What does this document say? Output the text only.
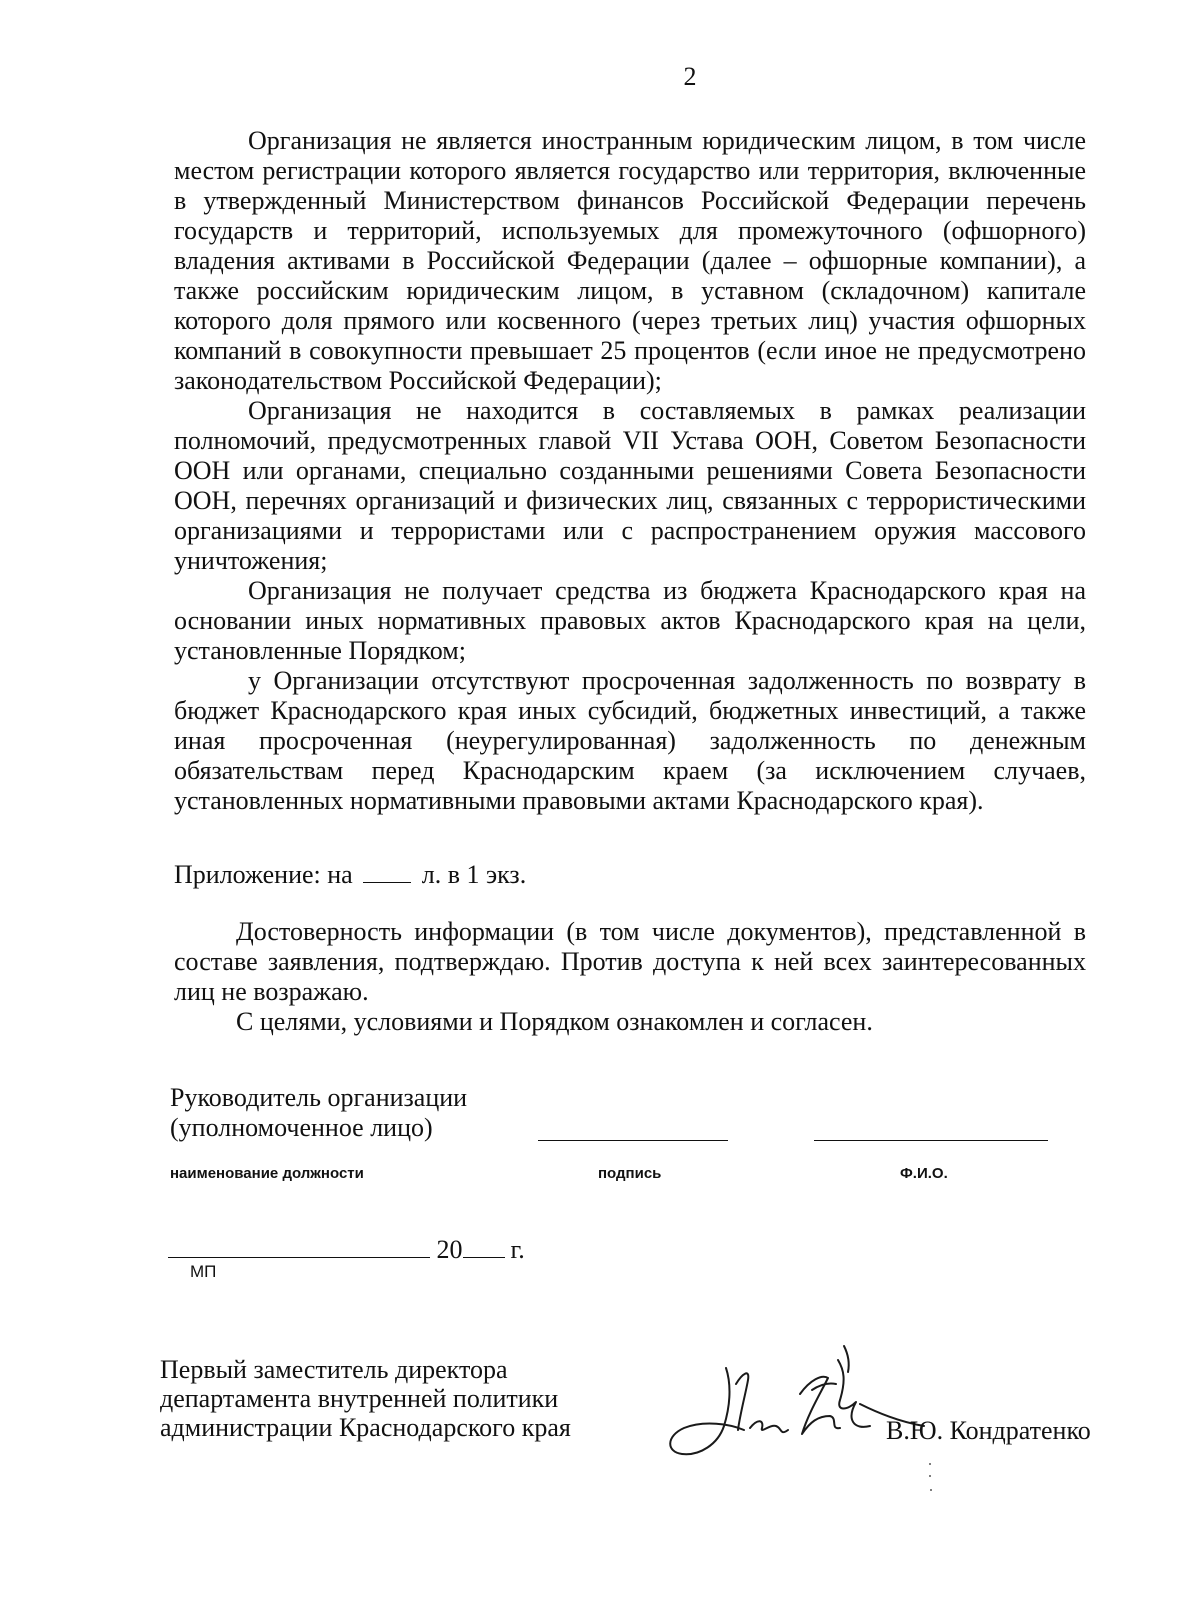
2

Организация не является иностранным юридическим лицом, в том числе местом регистрации которого является государство или территория, включенные в утвержденный Министерством финансов Российской Федерации перечень государств и территорий, используемых для промежуточного (офшорного) владения активами в Российской Федерации (далее – офшорные компании), а также российским юридическим лицом, в уставном (складочном) капитале которого доля прямого или косвенного (через третьих лиц) участия офшорных компаний в совокупности превышает 25 процентов (если иное не предусмотрено законодательством Российской Федерации);

Организация не находится в составляемых в рамках реализации полномочий, предусмотренных главой VII Устава ООН, Советом Безопасности ООН или органами, специально созданными решениями Совета Безопасности ООН, перечнях организаций и физических лиц, связанных с террористическими организациями и террористами или с распространением оружия массового уничтожения;

Организация не получает средства из бюджета Краснодарского края на основании иных нормативных правовых актов Краснодарского края на цели, установленные Порядком;

у Организации отсутствуют просроченная задолженность по возврату в бюджет Краснодарского края иных субсидий, бюджетных инвестиций, а также иная просроченная (неурегулированная) задолженность по денежным обязательствам перед Краснодарским краем (за исключением случаев, установленных нормативными правовыми актами Краснодарского края).

Приложение: на	л. в 1 экз.

Достоверность информации (в том числе документов), представленной в составе заявления, подтверждаю. Против доступа к ней всех заинтересованных лиц не возражаю.

С целями, условиями и Порядком ознакомлен и согласен.

Руководитель организации
(уполномоченное лицо)
наименование должности	подпись	Ф.И.О.
20 г.
МП
Первый заместитель директора
департамента внутренней политики
администрации Краснодарского края	В.Ю. Кондратенко
